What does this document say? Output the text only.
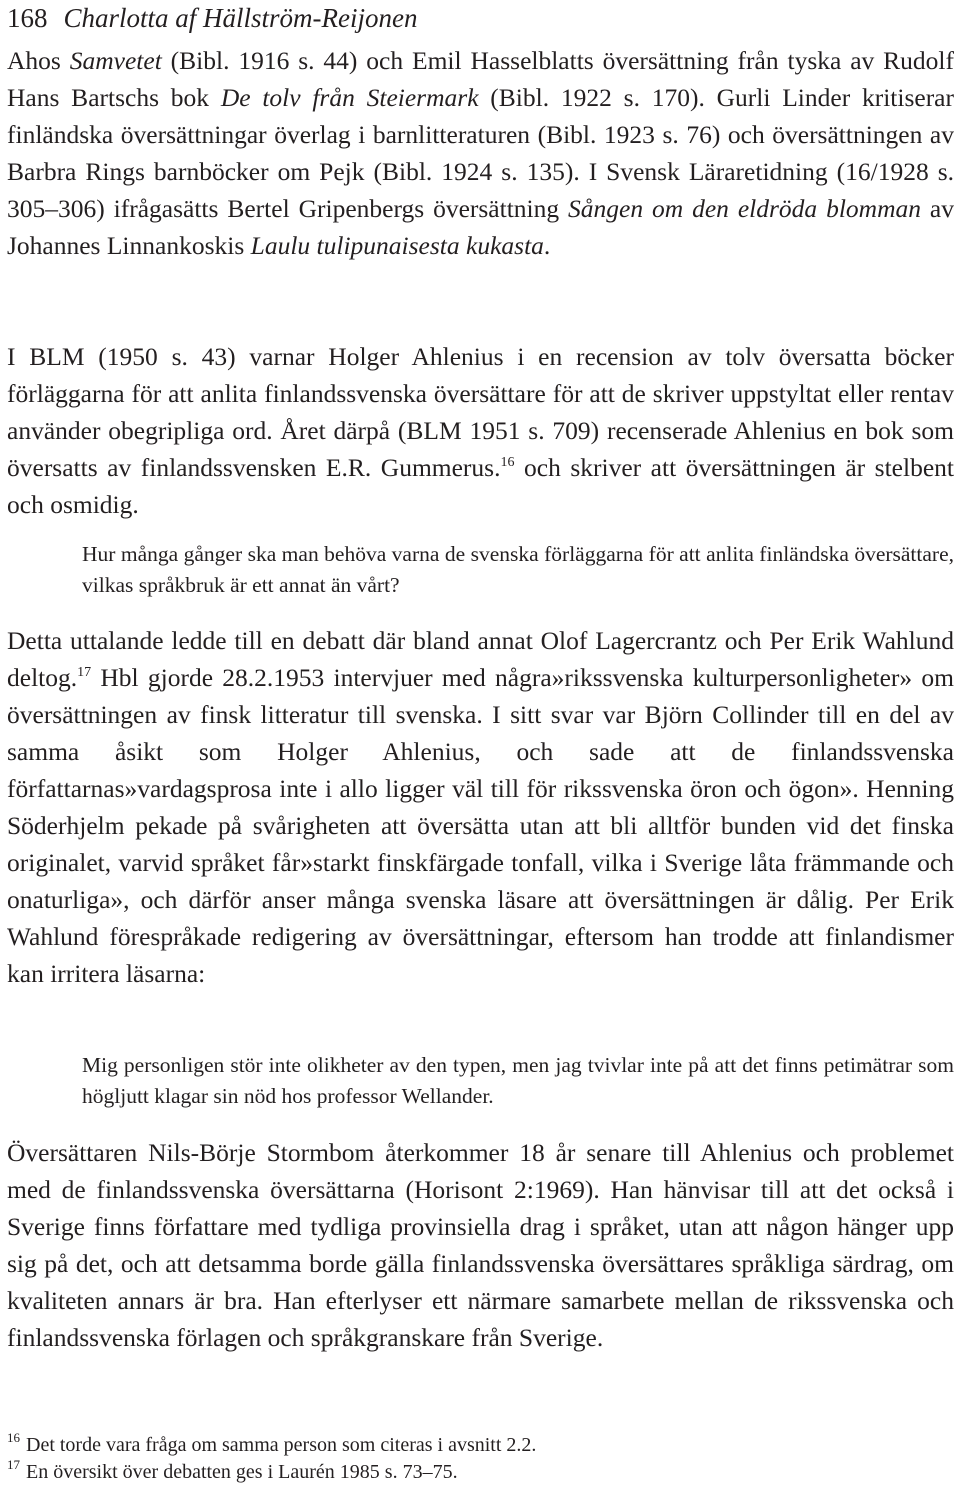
168 Charlotta af Hällström-Reijonen

Ahos Samvetet (Bibl. 1916 s. 44) och Emil Hasselblatts översättning från tyska av Rudolf Hans Bartschs bok De tolv från Steiermark (Bibl. 1922 s. 170). Gurli Linder kritiserar finländska översättningar överlag i barnlitteraturen (Bibl. 1923 s. 76) och översättningen av Barbra Rings barnböcker om Pejk (Bibl. 1924 s. 135). I Svensk Läraretidning (16/1928 s. 305–306) ifrågasätts Bertel Gripenbergs översättning Sången om den eldröda blomman av Johannes Linnankoskis Laulu tulipunaisesta kukasta.

I BLM (1950 s. 43) varnar Holger Ahlenius i en recension av tolv översatta böcker förläggarna för att anlita finlandssvenska översättare för att de skriver uppstyltat eller rentav använder obegripliga ord. Året därpå (BLM 1951 s. 709) recenserade Ahlenius en bok som översatts av finlandssvensken E.R. Gummerus.$^{16}$ och skriver att översättningen är stelbent och osmidig.

Hur många gånger ska man behöva varna de svenska förläggarna för att anlita finländska översättare, vilkas språkbruk är ett annat än vårt?

Detta uttalande ledde till en debatt där bland annat Olof Lagercrantz och Per Erik Wahlund deltog.$^{17}$ Hbl gjorde 28.2.1953 intervjuer med några»rikssvenska kulturpersonligheter» om översättningen av finsk litteratur till svenska. I sitt svar var Björn Collinder till en del av samma åsikt som Holger Ahlenius, och sade att de finlandssvenska författarnas»vardagsprosa inte i allo ligger väl till för rikssvenska öron och ögon». Henning Söderhjelm pekade på svårigheten att översätta utan att bli alltför bunden vid det finska originalet, varvid språket får»starkt finskfärgade tonfall, vilka i Sverige låta främmande och onaturliga», och därför anser många svenska läsare att översättningen är dålig. Per Erik Wahlund förespråkade redigering av översättningar, eftersom han trodde att finlandismer kan irritera läsarna:

Mig personligen stör inte olikheter av den typen, men jag tvivlar inte på att det finns petimätrar som högljutt klagar sin nöd hos professor Wellander.

Översättaren Nils-Börje Stormbom återkommer 18 år senare till Ahlenius och problemet med de finlandssvenska översättarna (Horisont 2:1969). Han hänvisar till att det också i Sverige finns författare med tydliga provinsiella drag i språket, utan att någon hänger upp sig på det, och att detsamma borde gälla finlandssvenska översättares språkliga särdrag, om kvaliteten annars är bra. Han efterlyser ett närmare samarbete mellan de rikssvenska och finlandssvenska förlagen och språkgranskare från Sverige.

$^{16}$ Det torde vara fråga om samma person som citeras i avsnitt 2.2.
$^{17}$ En översikt över debatten ges i Laurén 1985 s. 73–75.
